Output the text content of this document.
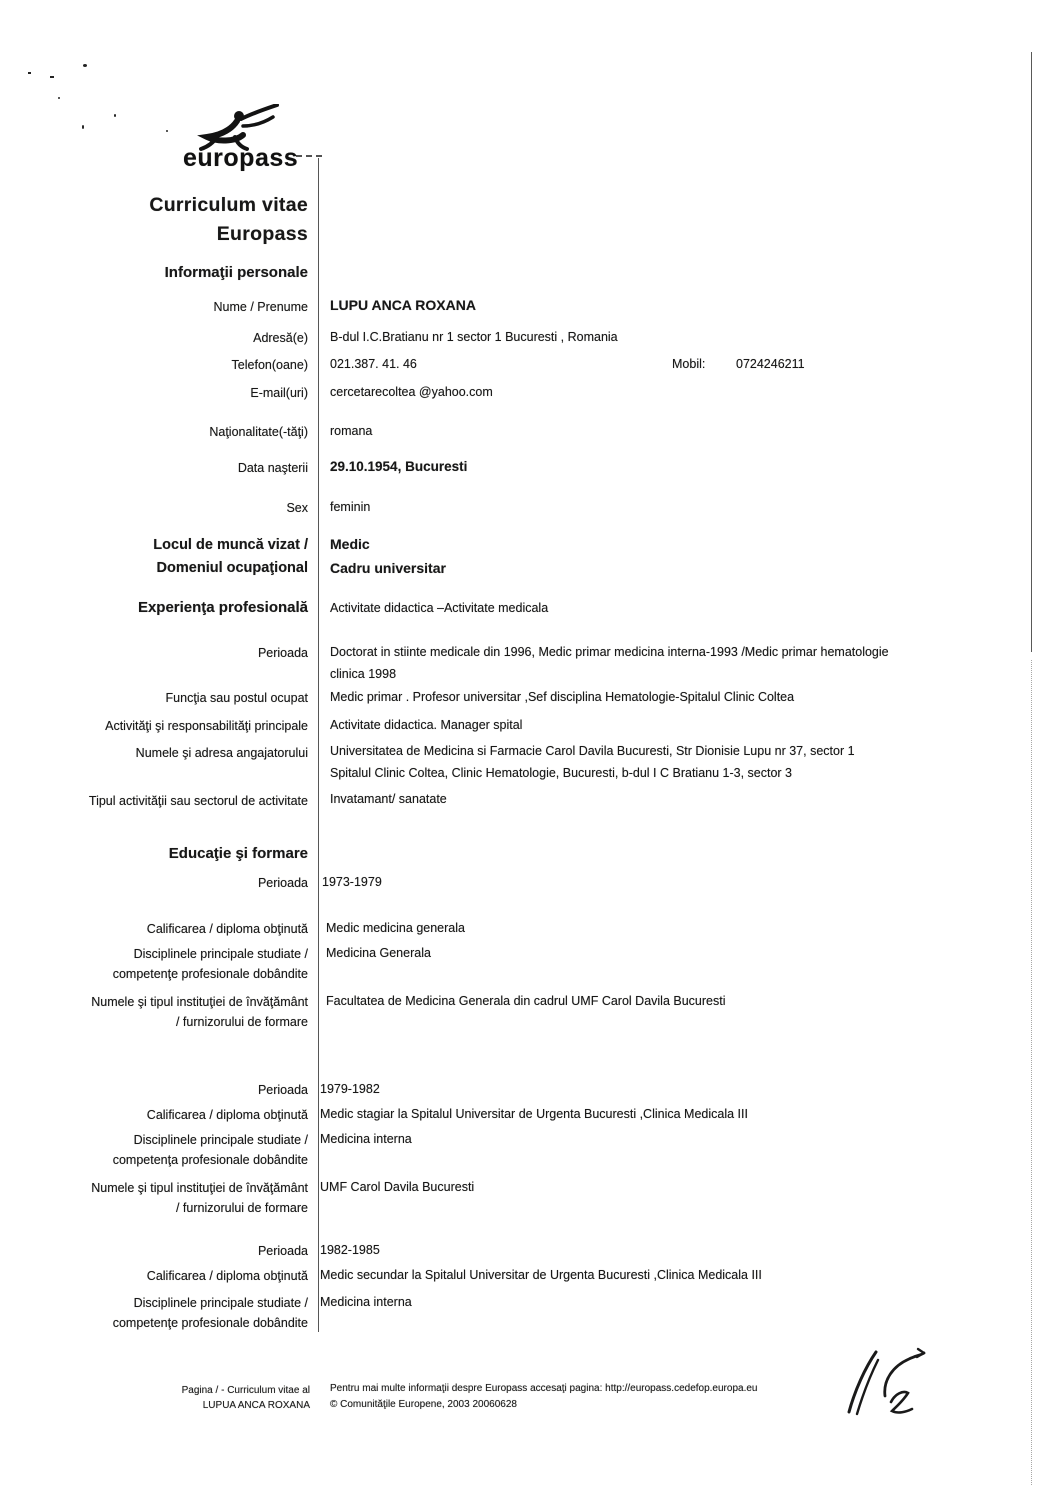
europass
Curriculum vitae
Europass
Informaţii personale
Nume / Prenume LUPU ANCA ROXANA
Adresă(e) B-dul I.C.Bratianu nr 1 sector 1 Bucuresti , Romania
Telefon(oane) 021.387. 41. 46	Mobil:	0724246211
E-mail(uri) cercetarecoltea @yahoo.com
Naţionalitate(-tăţi) romana
Data naşterii 29.10.1954, Bucuresti
Sex feminin
Locul de muncă vizat /
Domeniul ocupaţional
Medic
Cadru universitar
Experienţa profesională Activitate didactica –Activitate medicala
Perioada Doctorat in stiinte medicale din 1996, Medic primar medicina interna-1993 /Medic primar hematologie
clinica 1998
Funcţia sau postul ocupat Medic primar . Profesor universitar ,Sef disciplina Hematologie-Spitalul Clinic Coltea
Activităţi şi responsabilităţi principale Activitate didactica. Manager spital
Numele şi adresa angajatorului Universitatea de Medicina si Farmacie Carol Davila Bucuresti, Str Dionisie Lupu nr 37, sector 1
Spitalul Clinic Coltea, Clinic Hematologie, Bucuresti, b-dul I C Bratianu 1-3, sector 3
Tipul activităţii sau sectorul de activitate Invatamant/ sanatate
Educaţie şi formare
Perioada 1973-1979
Calificarea / diploma obţinută Medic medicina generala
Disciplinele principale studiate /
competenţe profesionale dobândite
Medicina Generala
Numele şi tipul instituţiei de învăţământ
/ furnizorului de formare
Facultatea de Medicina Generala din cadrul UMF Carol Davila Bucuresti
Perioada 1979-1982
Calificarea / diploma obţinută Medic stagiar la Spitalul Universitar de Urgenta Bucuresti ,Clinica Medicala III
Disciplinele principale studiate /
competenţa profesionale dobândite
Medicina interna
Numele şi tipul instituţiei de învăţământ
/ furnizorului de formare
UMF Carol Davila Bucuresti
Perioada 1982-1985
Calificarea / diploma obţinută Medic secundar la Spitalul Universitar de Urgenta Bucuresti ,Clinica Medicala III
Disciplinele principale studiate /
competenţe profesionale dobândite
Medicina interna
Pagina / - Curriculum vitae al
LUPUA ANCA ROXANA
Pentru mai multe informaţii despre Europass accesaţi pagina: http://europass.cedefop.europa.eu
© Comunităţile Europene, 2003 20060628
